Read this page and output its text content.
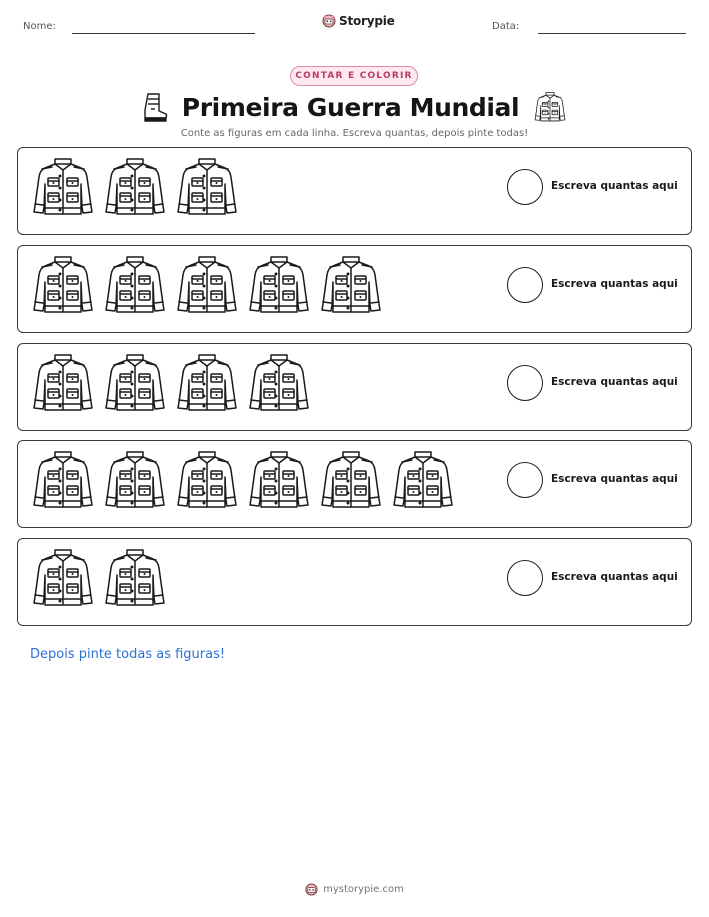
Nome:	Storypie	Data:
CONTAR E COLORIR
Primeira Guerra Mundial
Conte as figuras em cada linha. Escreva quantas, depois pinte todas!
Escreva quantas aqui
Escreva quantas aqui
Escreva quantas aqui
Escreva quantas aqui
Escreva quantas aqui
Depois pinte todas as figuras!
mystorypie.com
